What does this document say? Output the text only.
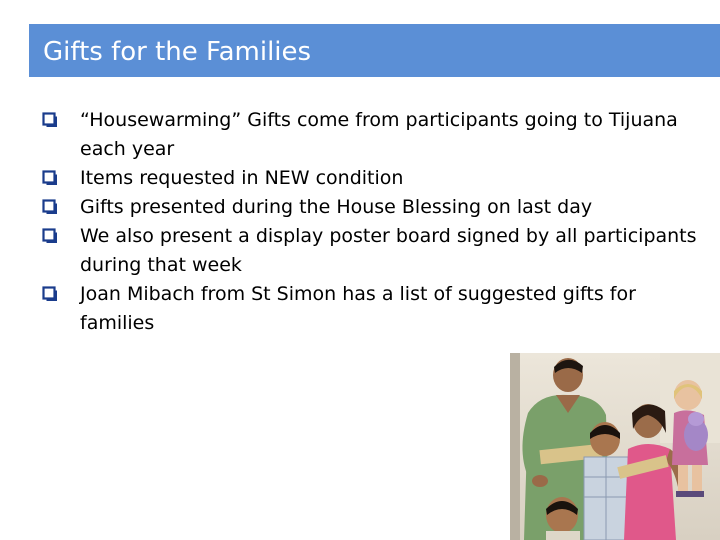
Gifts for the Families
“Housewarming” Gifts come from participants going to Tijuana each year
Items requested in NEW condition
Gifts presented during the House Blessing on last day
We also present a display poster board signed by all participants during that week
Joan Mibach from St Simon has a list of suggested gifts for families
